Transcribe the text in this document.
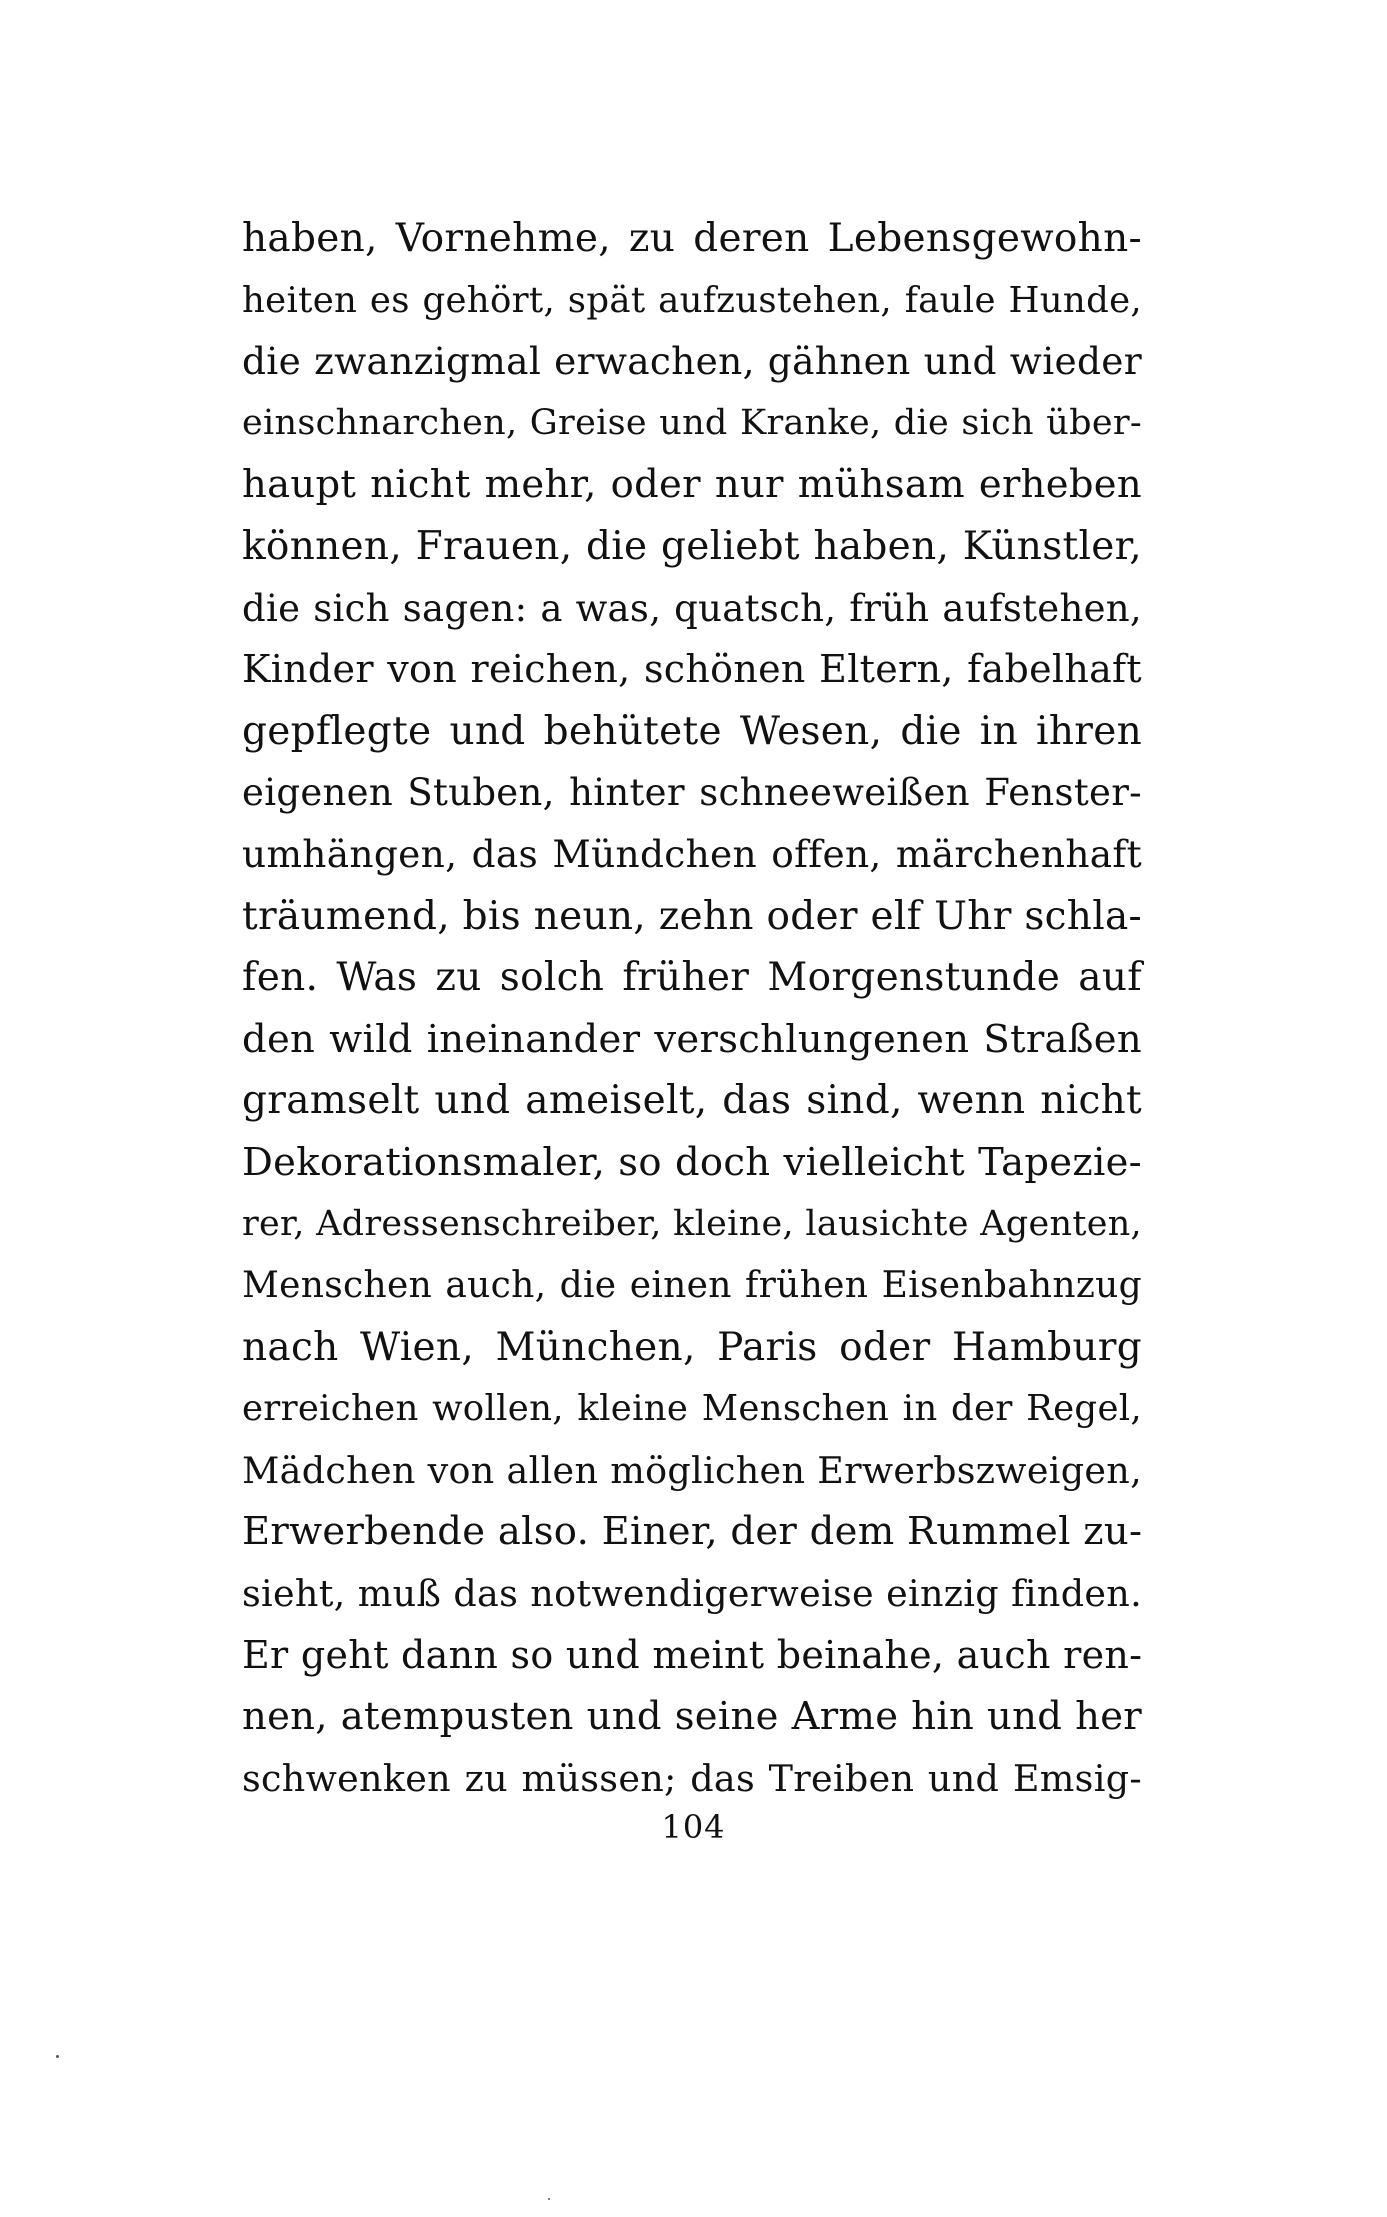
haben, Vornehme, zu deren Lebensgewohn-
heiten es gehört, spät aufzustehen, faule Hunde,
die zwanzigmal erwachen, gähnen und wieder
einschnarchen, Greise und Kranke, die sich über-
haupt nicht mehr, oder nur mühsam erheben
können, Frauen, die geliebt haben, Künstler,
die sich sagen: a was, quatsch, früh aufstehen,
Kinder von reichen, schönen Eltern, fabelhaft
gepflegte und behütete Wesen, die in ihren
eigenen Stuben, hinter schneeweißen Fenster-
umhängen, das Mündchen offen, märchenhaft
träumend, bis neun, zehn oder elf Uhr schla-
fen. Was zu solch früher Morgenstunde auf
den wild ineinander verschlungenen Straßen
gramselt und ameiselt, das sind, wenn nicht
Dekorationsmaler, so doch vielleicht Tapezie-
rer, Adressenschreiber, kleine, lausichte Agenten,
Menschen auch, die einen frühen Eisenbahnzug
nach Wien, München, Paris oder Hamburg
erreichen wollen, kleine Menschen in der Regel,
Mädchen von allen möglichen Erwerbszweigen,
Erwerbende also. Einer, der dem Rummel zu-
sieht, muß das notwendigerweise einzig finden.
Er geht dann so und meint beinahe, auch ren-
nen, atempusten und seine Arme hin und her
schwenken zu müssen; das Treiben und Emsig-
104
